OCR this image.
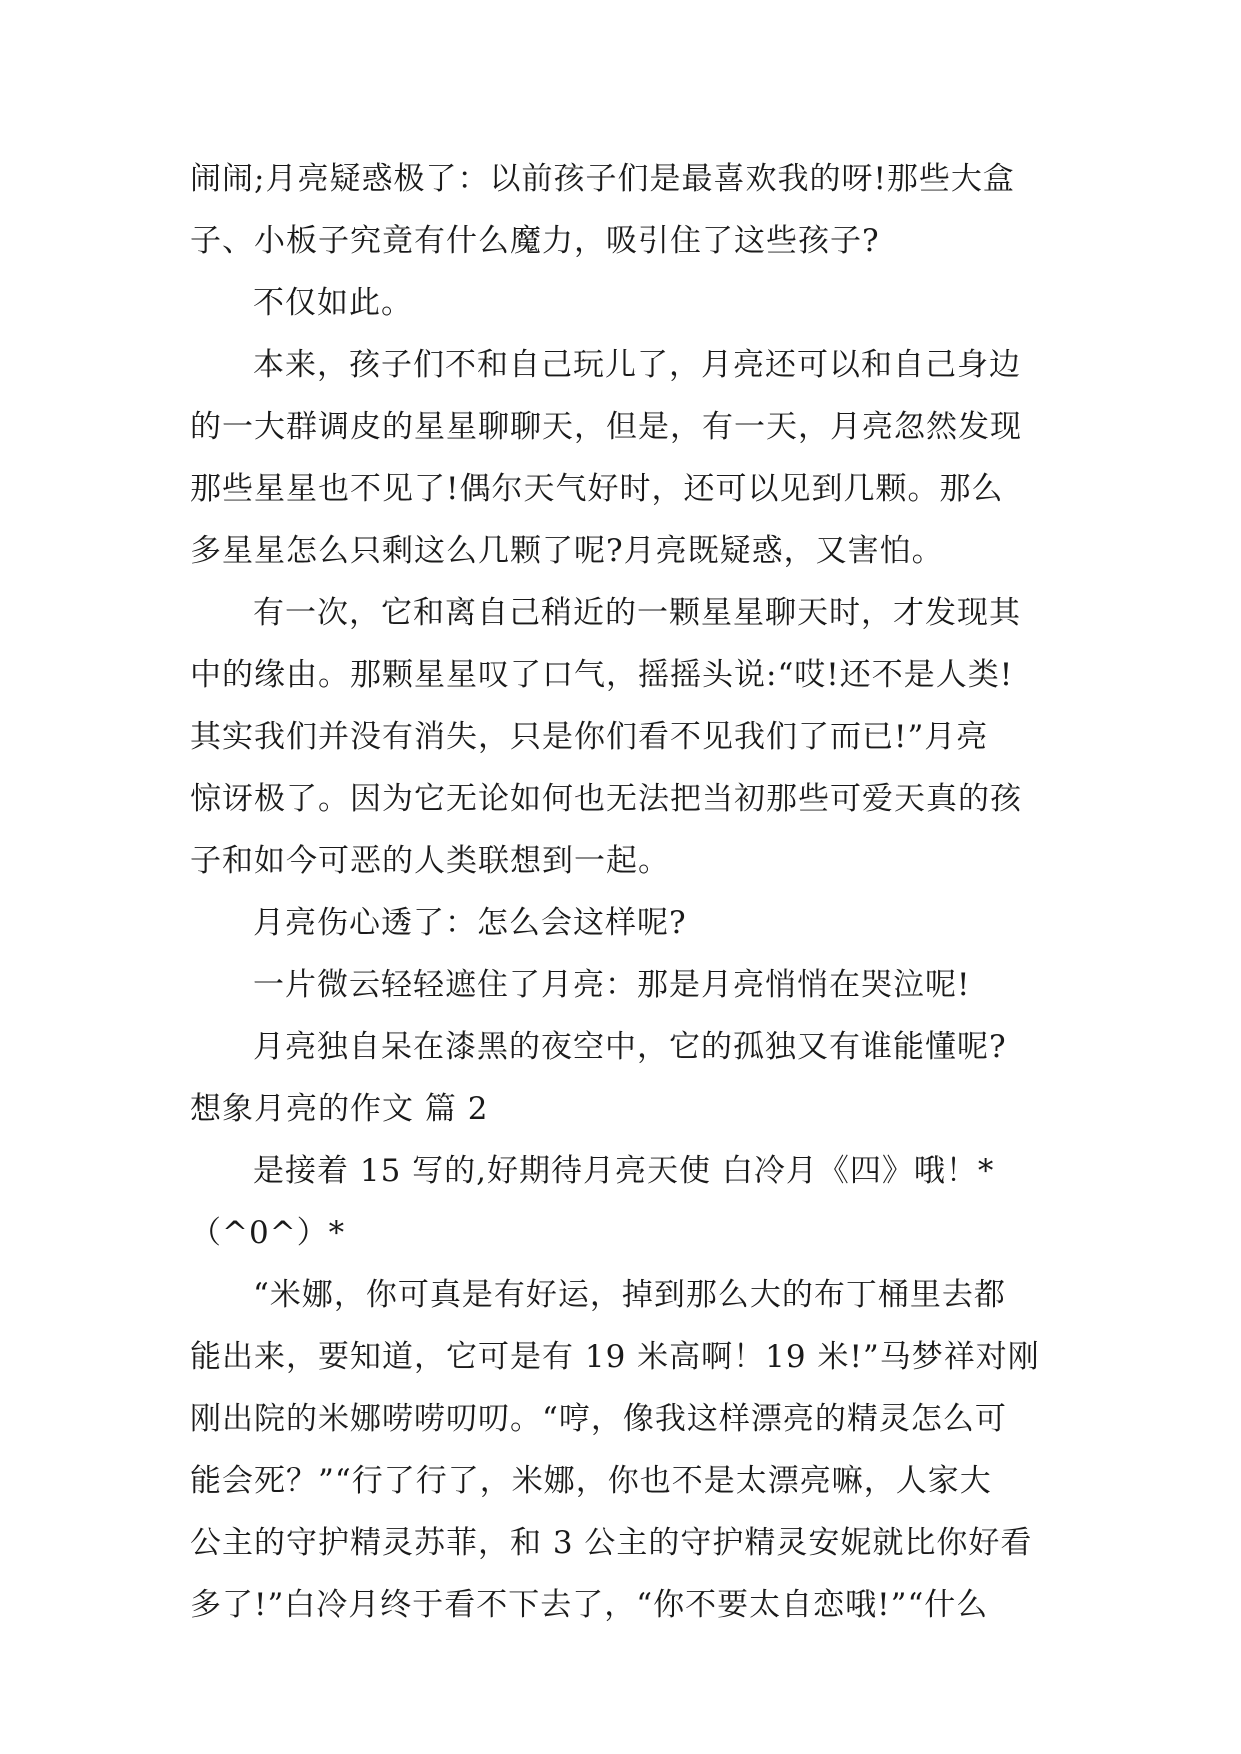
闹闹;月亮疑惑极了：以前孩子们是最喜欢我的呀!那些大盒
子、小板子究竟有什么魔力，吸引住了这些孩子?
不仅如此。
本来，孩子们不和自己玩儿了，月亮还可以和自己身边
的一大群调皮的星星聊聊天，但是，有一天，月亮忽然发现
那些星星也不见了!偶尔天气好时，还可以见到几颗。那么
多星星怎么只剩这么几颗了呢?月亮既疑惑，又害怕。
有一次，它和离自己稍近的一颗星星聊天时，才发现其
中的缘由。那颗星星叹了口气，摇摇头说:“哎!还不是人类!
其实我们并没有消失，只是你们看不见我们了而已!”月亮
惊讶极了。因为它无论如何也无法把当初那些可爱天真的孩
子和如今可恶的人类联想到一起。
月亮伤心透了：怎么会这样呢?
一片微云轻轻遮住了月亮：那是月亮悄悄在哭泣呢!
月亮独自呆在漆黑的夜空中，它的孤独又有谁能懂呢?
想象月亮的作文 篇 2
是接着 15 写的,好期待月亮天使 白冷月《四》哦！*
（^0^）*
“米娜，你可真是有好运，掉到那么大的布丁桶里去都
能出来，要知道，它可是有 19 米高啊！19 米!”马梦祥对刚
刚出院的米娜唠唠叨叨。“哼，像我这样漂亮的精灵怎么可
能会死？”“行了行了，米娜，你也不是太漂亮嘛，人家大
公主的守护精灵苏菲，和 3 公主的守护精灵安妮就比你好看
多了!”白冷月终于看不下去了，“你不要太自恋哦!”“什么
